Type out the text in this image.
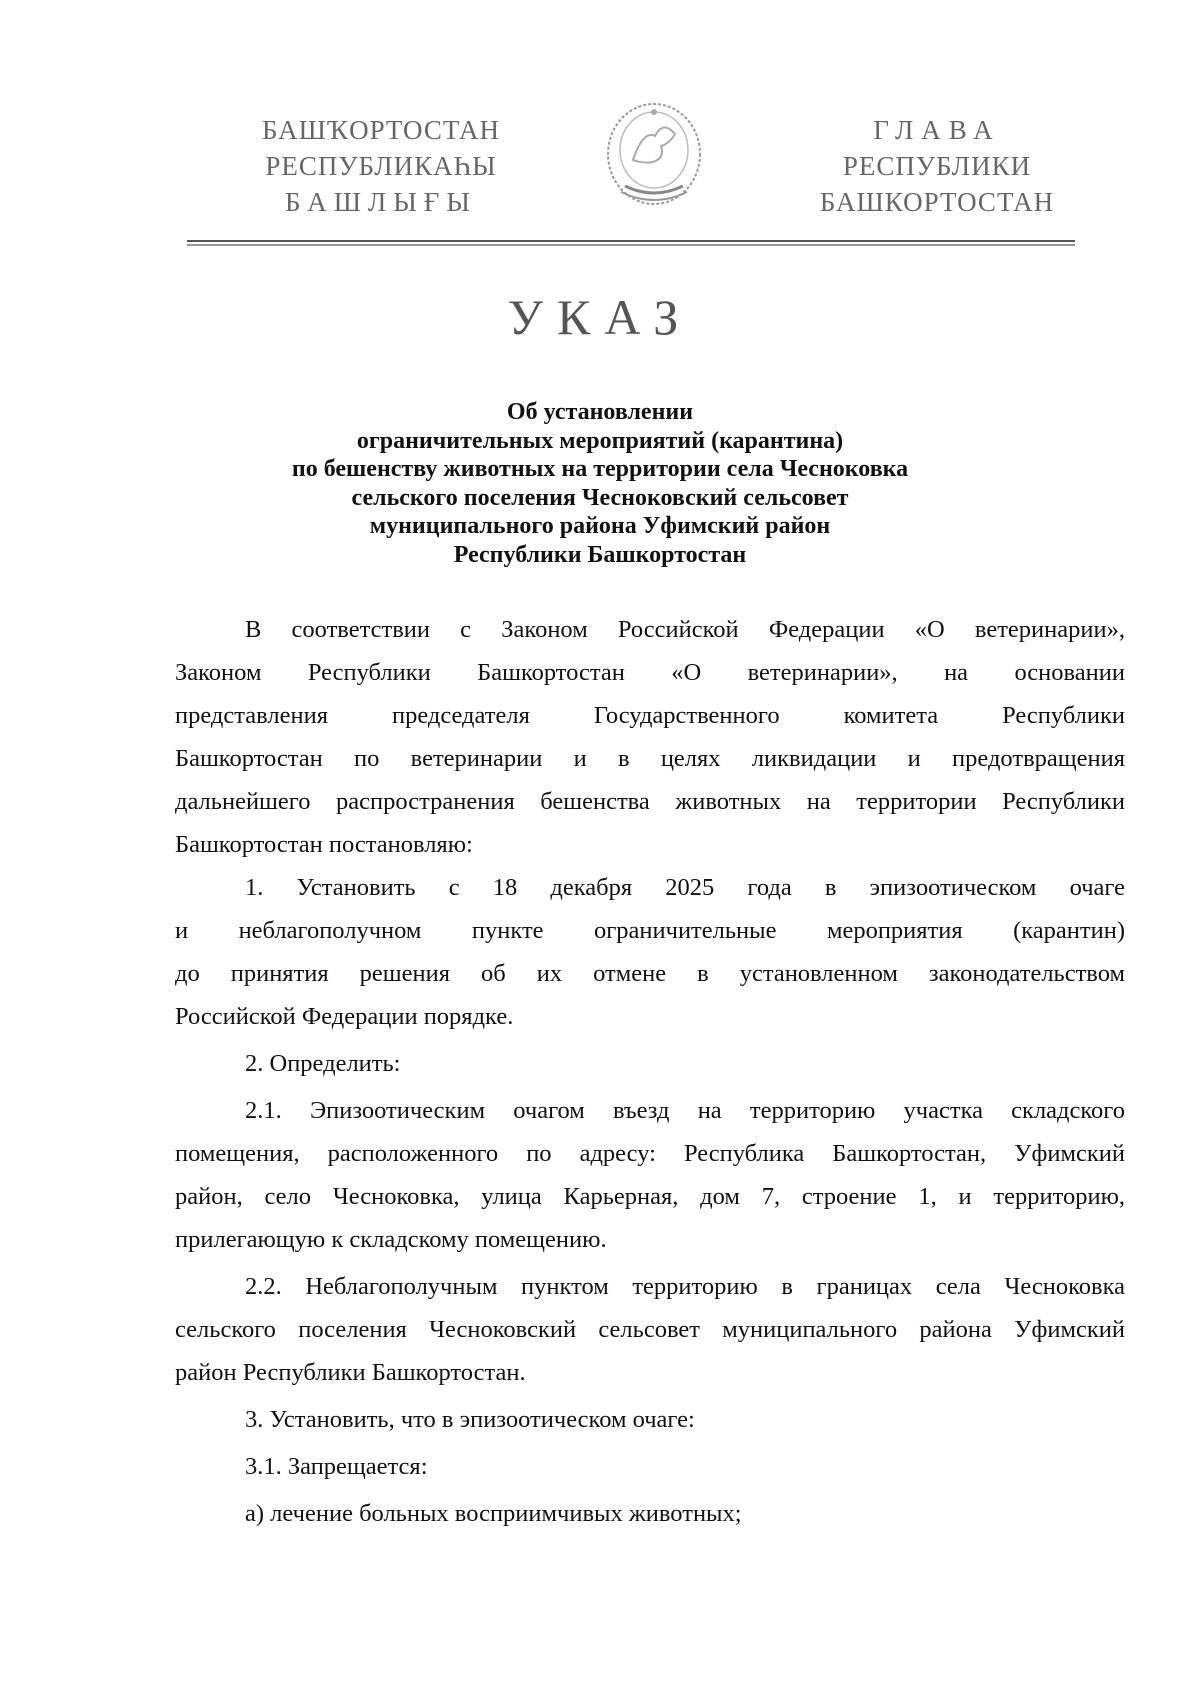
БАШҠОРТОСТАН
РЕСПУБЛИКАҺЫ
БАШЛЫҒЫ
ГЛАВА
РЕСПУБЛИКИ
БАШКОРТОСТАН
УКАЗ
Об установлении
ограничительных мероприятий (карантина)
по бешенству животных на территории села Чесноковка
сельского поселения Чесноковский сельсовет
муниципального района Уфимский район
Республики Башкортостан
В соответствии с Законом Российской Федерации «О ветеринарии»,
Законом Республики Башкортостан «О ветеринарии», на основании
представления председателя Государственного комитета Республики
Башкортостан по ветеринарии и в целях ликвидации и предотвращения
дальнейшего распространения бешенства животных на территории Республики
Башкортостан постановляю:
1. Установить с 18 декабря 2025 года в эпизоотическом очаге
и неблагополучном пункте ограничительные мероприятия (карантин)
до принятия решения об их отмене в установленном законодательством
Российской Федерации порядке.
2. Определить:
2.1. Эпизоотическим очагом въезд на территорию участка складского
помещения, расположенного по адресу: Республика Башкортостан, Уфимский
район, село Чесноковка, улица Карьерная, дом 7, строение 1, и территорию,
прилегающую к складскому помещению.
2.2. Неблагополучным пунктом территорию в границах села Чесноковка
сельского поселения Чесноковский сельсовет муниципального района Уфимский
район Республики Башкортостан.
3. Установить, что в эпизоотическом очаге:
3.1. Запрещается:
а) лечение больных восприимчивых животных;
